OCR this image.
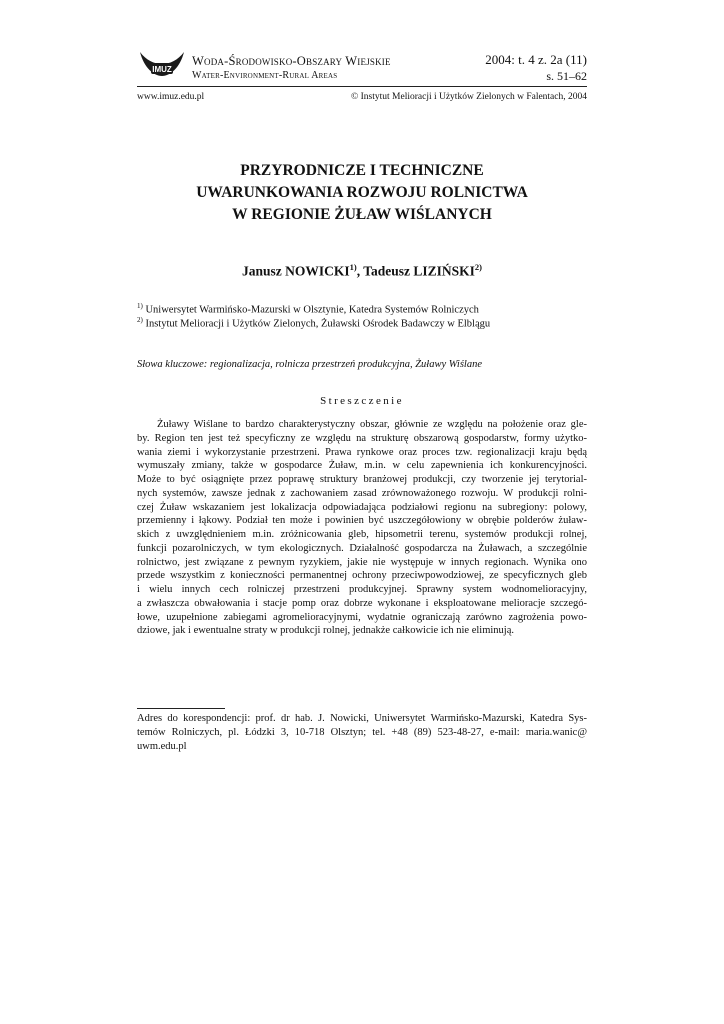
IMUZ
Woda-Środowisko-Obszary Wiejskie
Water-Environment-Rural Areas
2004: t. 4 z. 2a (11)
s. 51–62
www.imuz.edu.pl	© Instytut Melioracji i Użytków Zielonych w Falentach, 2004
PRZYRODNICZE I TECHNICZNE
UWARUNKOWANIA ROZWOJU ROLNICTWA
W REGIONIE ŻUŁAW WIŚLANYCH
Janusz NOWICKI$^{1)}$, Tadeusz LIZIŃSKI$^{2)}$
$^{1)}$ Uniwersytet Warmińsko-Mazurski w Olsztynie, Katedra Systemów Rolniczych
$^{2)}$ Instytut Melioracji i Użytków Zielonych, Żuławski Ośrodek Badawczy w Elblągu
Słowa kluczowe: regionalizacja, rolnicza przestrzeń produkcyjna, Żuławy Wiślane
Streszczenie
Żuławy Wiślane to bardzo charakterystyczny obszar, głównie ze względu na położenie oraz gle-
by. Region ten jest też specyficzny ze względu na strukturę obszarową gospodarstw, formy użytko-
wania ziemi i wykorzystanie przestrzeni. Prawa rynkowe oraz proces tzw. regionalizacji kraju będą
wymuszały zmiany, także w gospodarce Żuław, m.in. w celu zapewnienia ich konkurencyjności.
Może to być osiągnięte przez poprawę struktury branżowej produkcji, czy tworzenie jej terytorial-
nych systemów, zawsze jednak z zachowaniem zasad zrównoważonego rozwoju. W produkcji rolni-
czej Żuław wskazaniem jest lokalizacja odpowiadająca podziałowi regionu na subregiony: polowy,
przemienny i łąkowy. Podział ten może i powinien być uszczegółowiony w obrębie polderów żuław-
skich z uwzględnieniem m.in. zróżnicowania gleb, hipsometrii terenu, systemów produkcji rolnej,
funkcji pozarolniczych, w tym ekologicznych. Działalność gospodarcza na Żuławach, a szczególnie
rolnictwo, jest związane z pewnym ryzykiem, jakie nie występuje w innych regionach. Wynika ono
przede wszystkim z konieczności permanentnej ochrony przeciwpowodziowej, ze specyficznych gleb
i wielu innych cech rolniczej przestrzeni produkcyjnej. Sprawny system wodnomelioracyjny,
a zwłaszcza obwałowania i stacje pomp oraz dobrze wykonane i eksploatowane melioracje szczegó-
łowe, uzupełnione zabiegami agromelioracyjnymi, wydatnie ograniczają zarówno zagrożenia powo-
dziowe, jak i ewentualne straty w produkcji rolnej, jednakże całkowicie ich nie eliminują.
Adres do korespondencji: prof. dr hab. J. Nowicki, Uniwersytet Warmińsko-Mazurski, Katedra Sys-
temów Rolniczych, pl. Łódzki 3, 10-718 Olsztyn; tel. +48 (89) 523-48-27, e-mail: maria.wanic@
uwm.edu.pl
